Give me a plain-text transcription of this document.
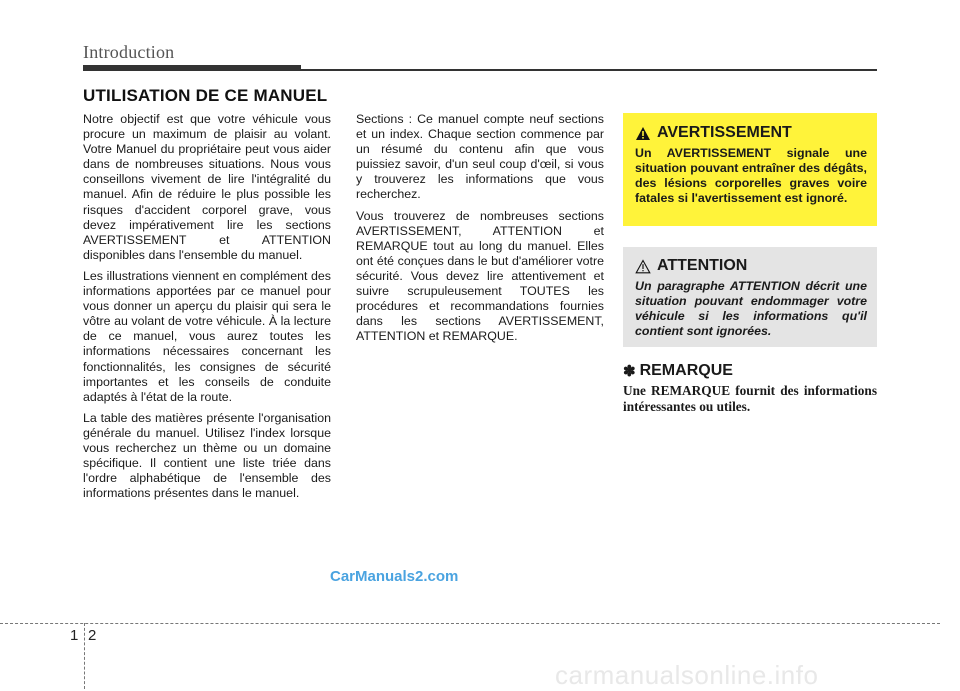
Introduction
UTILISATION DE CE MANUEL

Notre objectif est que votre véhicule vous procure un maximum de plaisir au volant. Votre Manuel du propriétaire peut vous aider dans de nombreuses situations. Nous vous conseillons vivement de lire l'intégralité du manuel. Afin de réduire le plus possible les risques d'accident corporel grave, vous devez impérativement lire les sections AVERTISSEMENT et ATTENTION disponibles dans l'ensemble du manuel.

Les illustrations viennent en complément des informations apportées par ce manuel pour vous donner un aperçu du plaisir qui sera le vôtre au volant de votre véhicule. À la lecture de ce manuel, vous aurez toutes les informations nécessaires concernant les fonctionnalités, les consignes de sécurité importantes et les conseils de conduite adaptés à l'état de la route.

La table des matières présente l'organisation générale du manuel. Utilisez l'index lorsque vous recherchez un thème ou un domaine spécifique. Il contient une liste triée dans l'ordre alphabétique de l'ensemble des informations présentes dans le manuel.

Sections : Ce manuel compte neuf sections et un index. Chaque section commence par un résumé du contenu afin que vous puissiez savoir, d'un seul coup d'œil, si vous y trouverez les informations que vous recherchez.

Vous trouverez de nombreuses sections AVERTISSEMENT, ATTENTION et REMARQUE tout au long du manuel. Elles ont été conçues dans le but d'améliorer votre sécurité. Vous devez lire attentivement et suivre scrupuleusement TOUTES les procédures et recommandations fournies dans les sections AVERTISSEMENT, ATTENTION et REMARQUE.

AVERTISSEMENT
Un AVERTISSEMENT signale une situation pouvant entraîner des dégâts, des lésions corporelles graves voire fatales si l'avertissement est ignoré.
ATTENTION
Un paragraphe ATTENTION décrit une situation pouvant endommager votre véhicule si les informations qu'il contient sont ignorées.
✽ REMARQUE
Une REMARQUE fournit des informations intéressantes ou utiles.
CarManuals2.com
1 2
carmanualsonline.info
